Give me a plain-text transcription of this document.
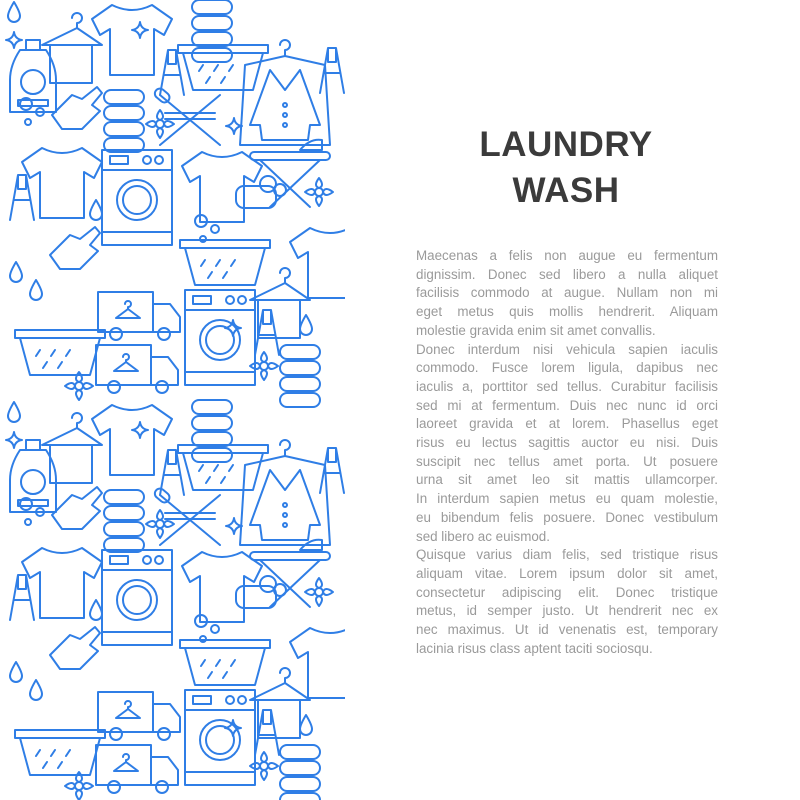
LAUNDRY
WASH
Maecenas a felis non augue eu fermentum
dignissim. Donec sed libero a nulla aliquet
facilisis commodo at augue. Nullam non mi
eget metus quis mollis hendrerit. Aliquam
molestie gravida enim sit amet convallis.
Donec interdum nisi vehicula sapien iaculis
commodo. Fusce lorem ligula, dapibus nec
iaculis a, porttitor sed tellus. Curabitur facilisis
sed mi at fermentum. Duis nec nunc id orci
laoreet gravida et at lorem. Phasellus eget
risus eu lectus sagittis auctor eu nisi. Duis
suscipit nec tellus amet porta. Ut posuere
urna sit amet leo sit mattis ullamcorper.
In interdum sapien metus eu quam molestie,
eu bibendum felis posuere. Donec vestibulum
sed libero ac euismod.
Quisque varius diam felis, sed tristique risus
aliquam vitae. Lorem ipsum dolor sit amet,
consectetur adipiscing elit. Donec tristique
metus, id semper justo. Ut hendrerit nec ex
nec maximus. Ut id venenatis est, temporary
lacinia risus class aptent taciti sociosqu.
